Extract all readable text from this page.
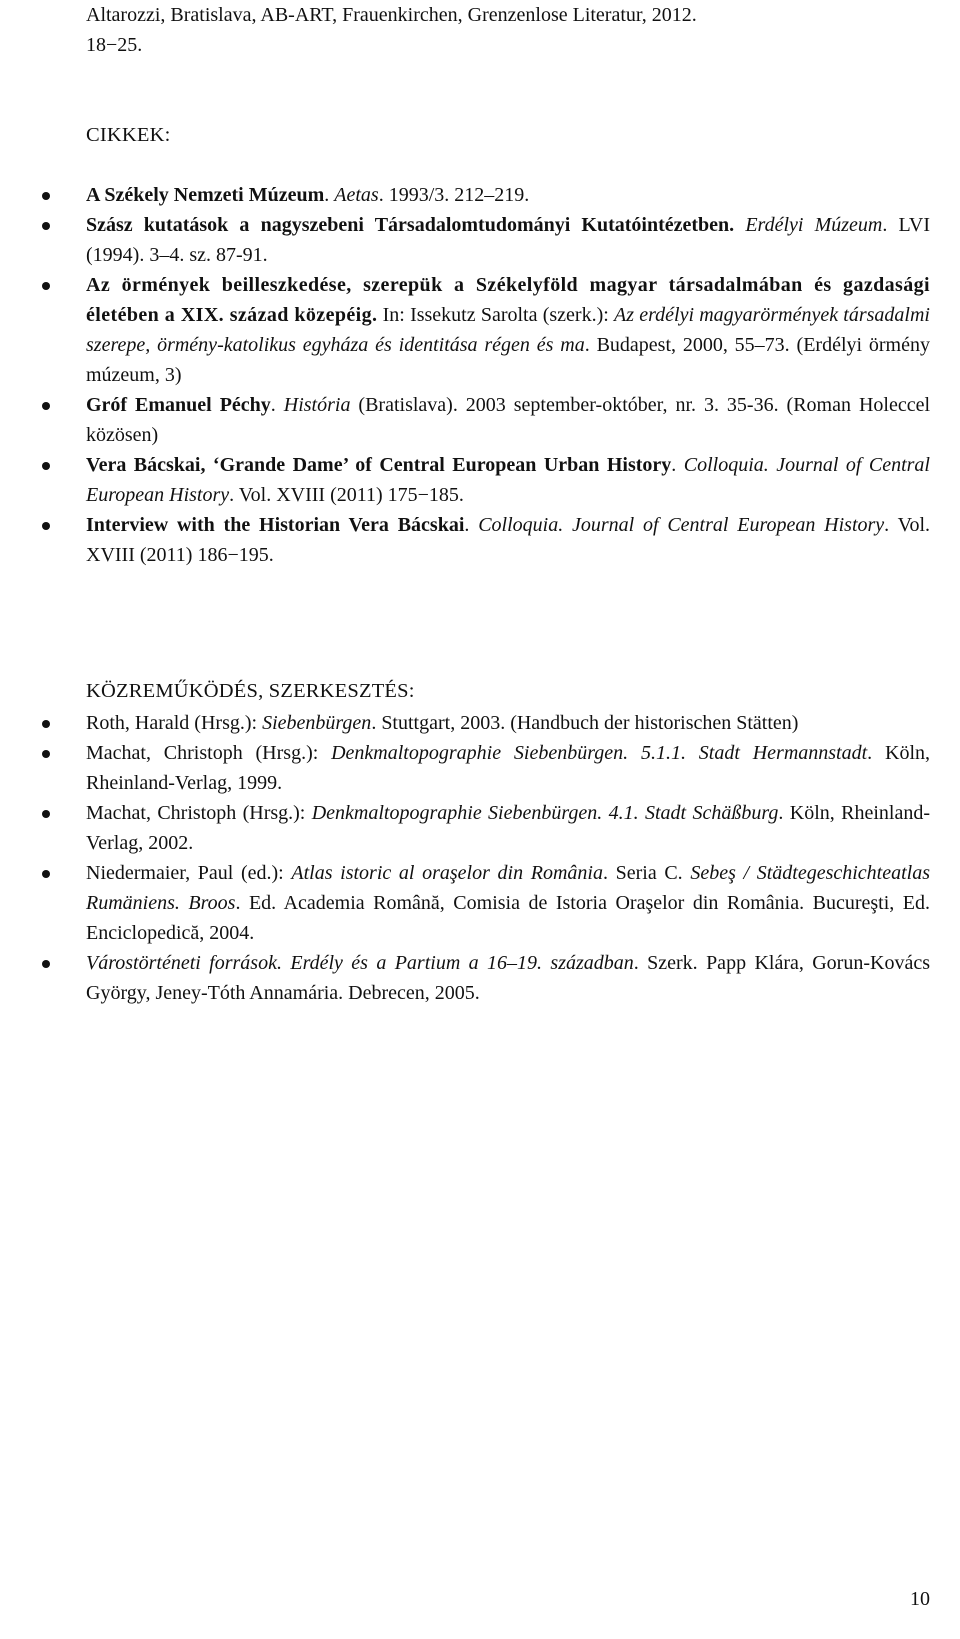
Altarozzi, Bratislava, AB-ART, Frauenkirchen, Grenzenlose Literatur, 2012.
18−25.
CIKKEK:
A Székely Nemzeti Múzeum. Aetas. 1993/3. 212–219.
Szász kutatások a nagyszebeni Társadalomtudományi Kutatóintézetben. Erdélyi Múzeum. LVI (1994). 3–4. sz. 87-91.
Az örmények beilleszkedése, szerepük a Székelyföld magyar társadalmában és gazdasági életében a XIX. század közepéig. In: Issekutz Sarolta (szerk.): Az erdélyi magyarörmények társadalmi szerepe, örmény-katolikus egyháza és identitása régen és ma. Budapest, 2000, 55–73. (Erdélyi örmény múzeum, 3)
Gróf Emanuel Péchy. História (Bratislava). 2003 september-október, nr. 3. 35-36. (Roman Holeccel közösen)
Vera Bácskai, ‘Grande Dame’ of Central European Urban History. Colloquia. Journal of Central European History. Vol. XVIII (2011) 175−185.
Interview with the Historian Vera Bácskai. Colloquia. Journal of Central European History. Vol. XVIII (2011) 186−195.
KÖZREMŰKÖDÉS, SZERKESZTÉS:
Roth, Harald (Hrsg.): Siebenbürgen. Stuttgart, 2003. (Handbuch der historischen Stätten)
Machat, Christoph (Hrsg.): Denkmaltopographie Siebenbürgen. 5.1.1. Stadt Hermannstadt. Köln, Rheinland-Verlag, 1999.
Machat, Christoph (Hrsg.): Denkmaltopographie Siebenbürgen. 4.1. Stadt Schäßburg. Köln, Rheinland-Verlag, 2002.
Niedermaier, Paul (ed.): Atlas istoric al oraşelor din România. Seria C. Sebeş / Städtegeschichteatlas Rumäniens. Broos. Ed. Academia Română, Comisia de Istoria Oraşelor din România. Bucureşti, Ed. Enciclopedică, 2004.
Várostörténeti források. Erdély és a Partium a 16–19. században. Szerk. Papp Klára, Gorun-Kovács György, Jeney-Tóth Annamária. Debrecen, 2005.
10
